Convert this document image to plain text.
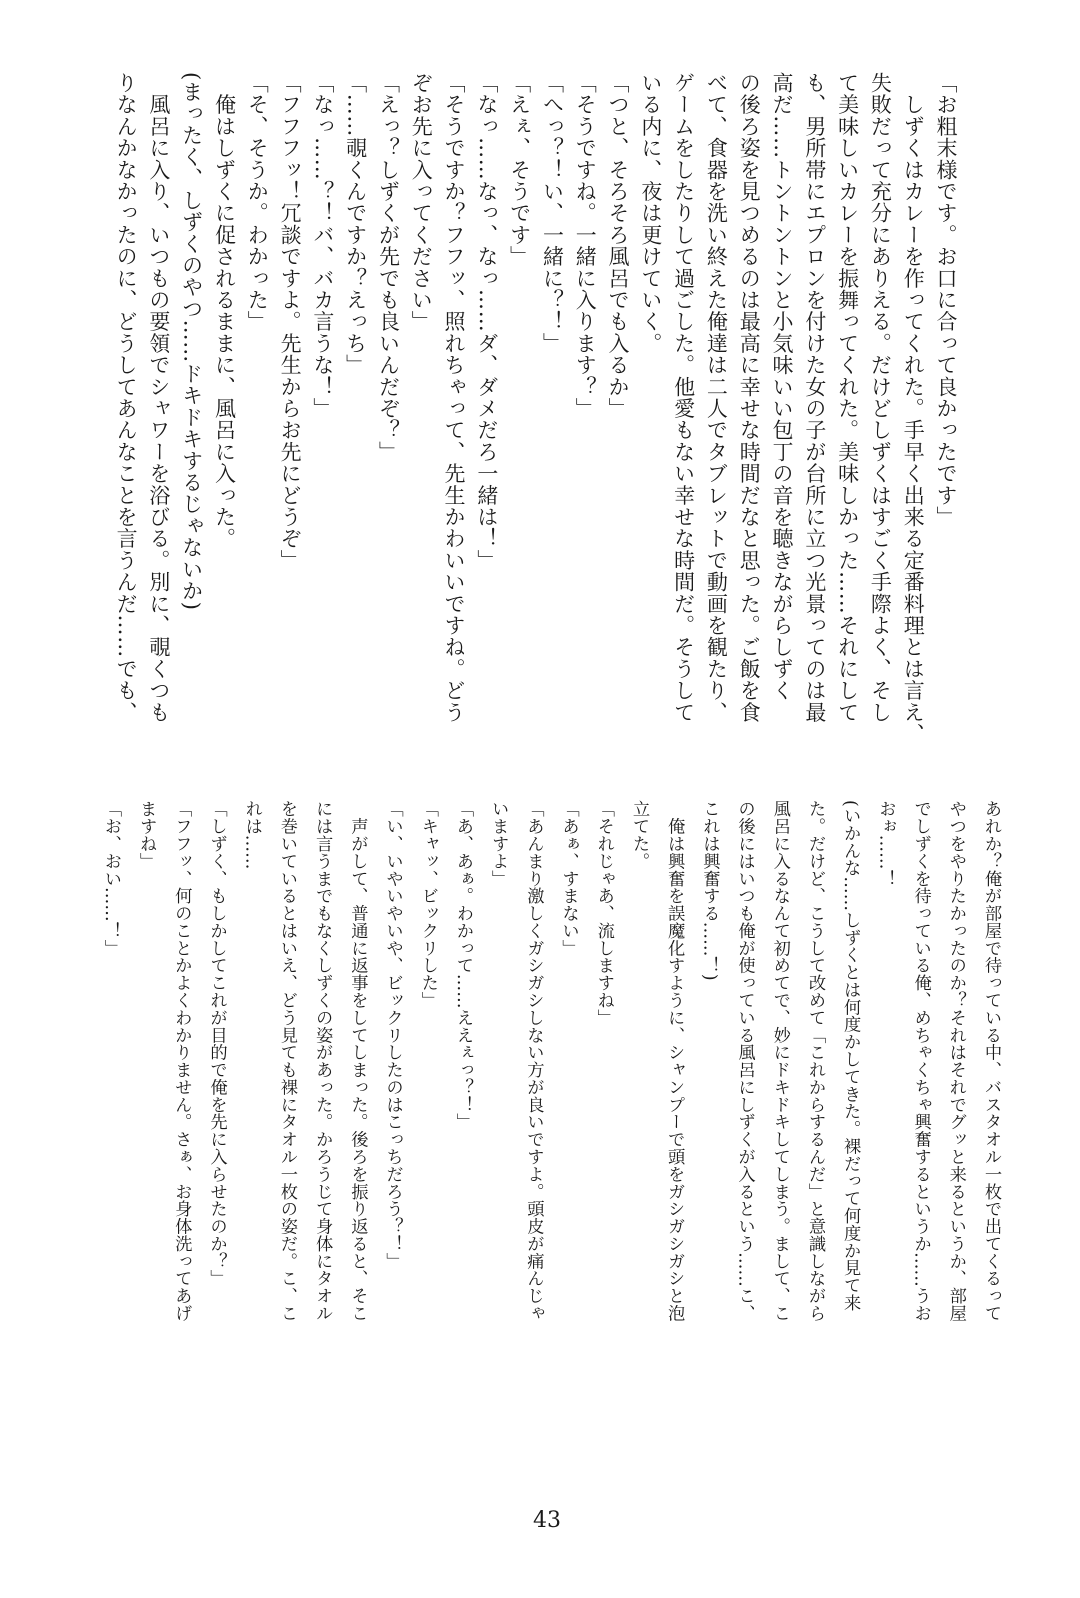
「お粗末様です。お口に合って良かったです」
　しずくはカレーを作ってくれた。手早く出来る定番料理とは言え、
失敗だって充分にありえる。だけどしずくはすごく手際よく、そし
て美味しいカレーを振舞ってくれた。美味しかった……それにして
も、男所帯にエプロンを付けた女の子が台所に立つ光景ってのは最
高だ……トントントンと小気味いい包丁の音を聴きながらしずく
の後ろ姿を見つめるのは最高に幸せな時間だなと思った。ご飯を食
べて、食器を洗い終えた俺達は二人でタブレットで動画を観たり、
ゲームをしたりして過ごした。他愛もない幸せな時間だ。そうして
いる内に、夜は更けていく。
「つと、そろそろ風呂でも入るか」
「そうですね。一緒に入ります？」
「へっ？！い、一緒に？！」
「えぇ、そうです」
「なっ……なっ、なっ……ダ、ダメだろ一緒は！」
「そうですか？フフッ、照れちゃって、先生かわいいですね。どう
ぞお先に入ってください」
「えっ？しずくが先でも良いんだぞ？」
「……覗くんですか？えっち」
「なっ……？！バ、バカ言うな！」
「フフフッ！冗談ですよ。先生からお先にどうぞ」
「そ、そうか。わかった」
　俺はしずくに促されるままに、風呂に入った。
(まったく、しずくのやつ……ドキドキするじゃないか)
　風呂に入り、いつもの要領でシャワーを浴びる。別に、覗くつも
りなんかなかったのに、どうしてあんなことを言うんだ……でも、
あれか？俺が部屋で待っている中、バスタオル一枚で出てくるって
やつをやりたかったのか？それはそれでグッと来るというか、部屋
でしずくを待っている俺、めちゃくちゃ興奮するというか……うお
おぉ……！
(いかんな……しずくとは何度かしてきた。裸だって何度か見て来
た。だけど、こうして改めて「これからするんだ」と意識しながら
風呂に入るなんて初めてで、妙にドキドキしてしまう。まして、こ
の後にはいつも俺が使っている風呂にしずくが入るという……こ、
これは興奮する……！)
　俺は興奮を誤魔化すように、シャンプーで頭をガシガシガシと泡
立てた。
「それじゃあ、流しますね」
「あぁ、すまない」
「あんまり激しくガシガシしない方が良いですよ。頭皮が痛んじゃ
いますよ」
「あ、あぁ。わかって……ええぇっ？！」
「キャッ、ビックリした」
「い、いやいやいや、ビックリしたのはこっちだろう？！」
　声がして、普通に返事をしてしまった。後ろを振り返ると、そこ
には言うまでもなくしずくの姿があった。かろうじて身体にタオル
を巻いているとはいえ、どう見ても裸にタオル一枚の姿だ。こ、こ
れは……
「しずく、もしかしてこれが目的で俺を先に入らせたのか？」
「フフッ、何のことかよくわかりません。さぁ、お身体洗ってあげ
ますね」
「お、おい……！」
43
